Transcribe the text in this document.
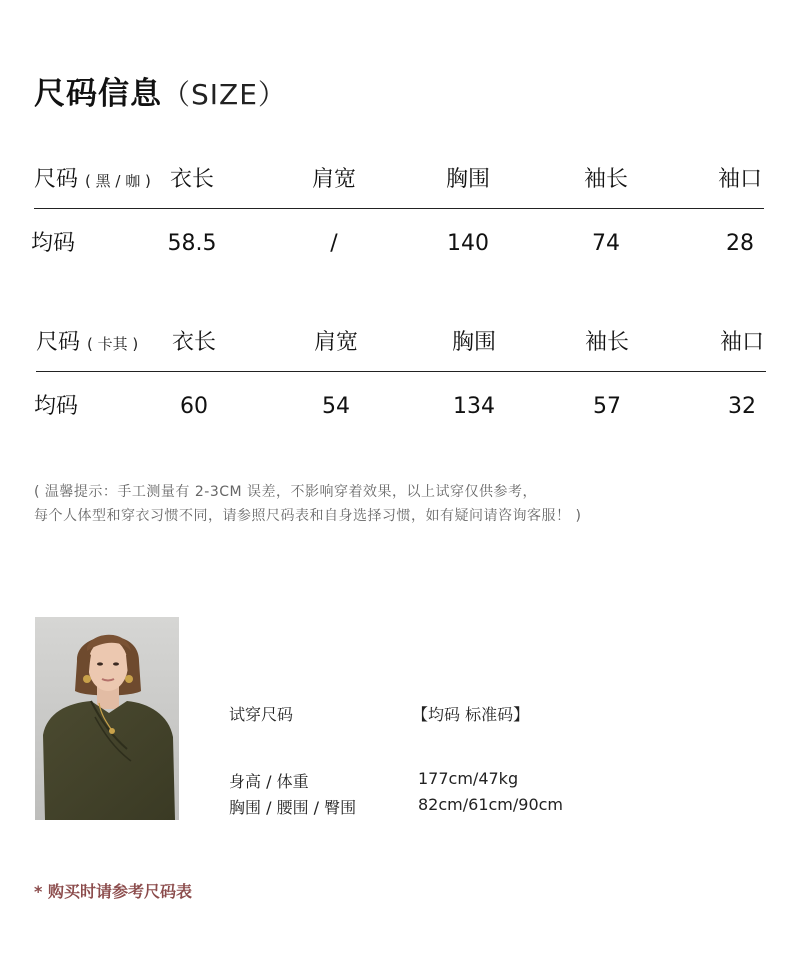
尺码信息（SIZE）
尺码 ( 黑 / 咖 ) 衣长	肩宽	胸围	袖长	袖口
均码	58.5	/	140	74	28
尺码 ( 卡其 ) 衣长	肩宽	胸围	袖长	袖口
均码	60	54	134	57	32
( 温馨提示：手工测量有 2-3CM 误差，不影响穿着效果，以上试穿仅供参考，
每个人体型和穿衣习惯不同，请参照尺码表和自身选择习惯，如有疑问请咨询客服！ )
试穿尺码	【均码 标准码】
身高 / 体重	177cm/47kg
胸围 / 腰围 / 臀围	82cm/61cm/90cm
* 购买时请参考尺码表
